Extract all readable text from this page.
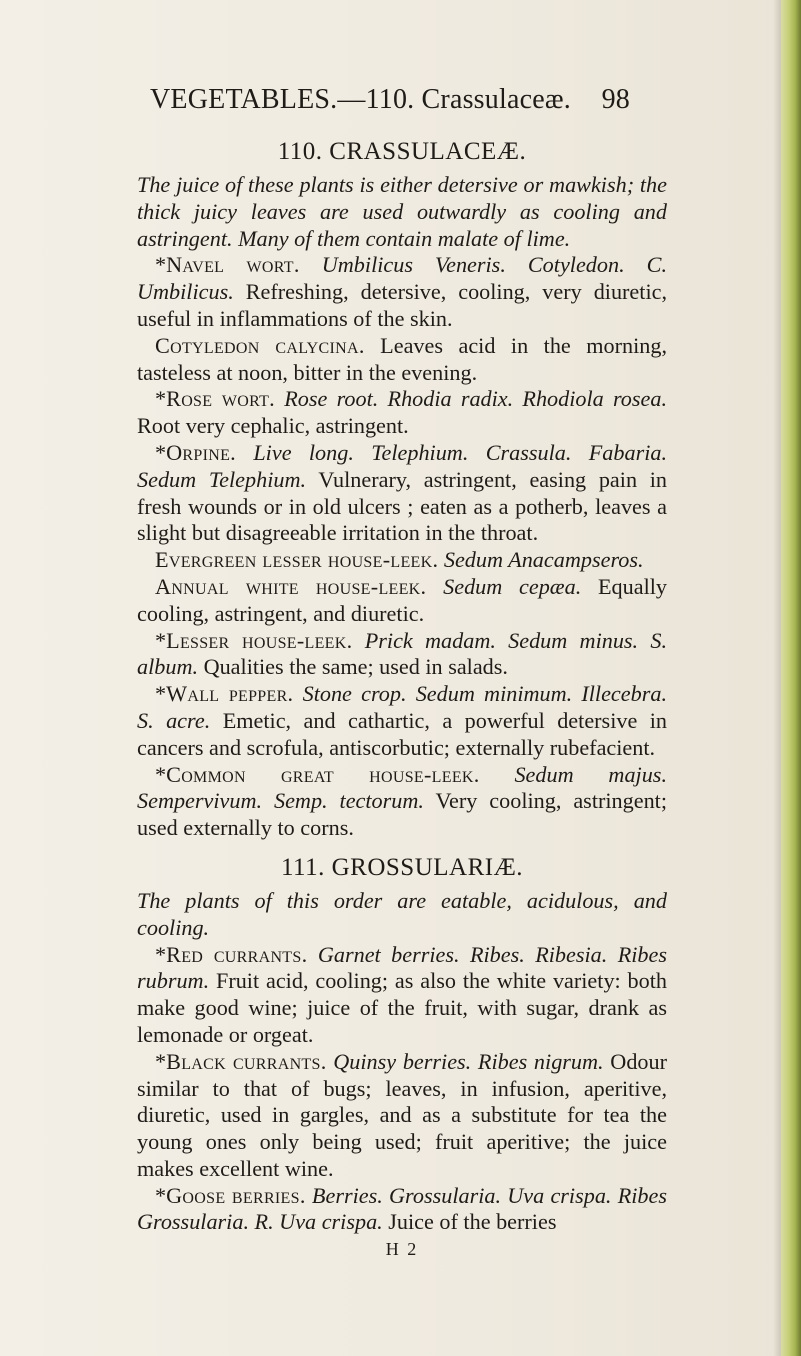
VEGETABLES.—110. Crassulaceæ. 98
110. CRASSULACEÆ.

The juice of these plants is either detersive or mawkish; the thick juicy leaves are used outwardly as cooling and astringent. Many of them contain malate of lime.

*Navel wort. Umbilicus Veneris. Cotyledon. C. Umbilicus. Refreshing, detersive, cooling, very diuretic, useful in inflammations of the skin.

Cotyledon calycina. Leaves acid in the morning, tasteless at noon, bitter in the evening.

*Rose wort. Rose root. Rhodia radix. Rhodiola rosea. Root very cephalic, astringent.

*Orpine. Live long. Telephium. Crassula. Fabaria. Sedum Telephium. Vulnerary, astringent, easing pain in fresh wounds or in old ulcers ; eaten as a potherb, leaves a slight but disagreeable irritation in the throat.

Evergreen lesser house-leek. Sedum Anacampseros.

Annual white house-leek. Sedum cepæa. Equally cooling, astringent, and diuretic.

*Lesser house-leek. Prick madam. Sedum minus. S. album. Qualities the same; used in salads.

*Wall pepper. Stone crop. Sedum minimum. Illecebra. S. acre. Emetic, and cathartic, a powerful detersive in cancers and scrofula, antiscorbutic; externally rubefacient.

*Common great house-leek. Sedum majus. Sempervivum. Semp. tectorum. Very cooling, astringent; used externally to corns.

111. GROSSULARIÆ.

The plants of this order are eatable, acidulous, and cooling.

*Red currants. Garnet berries. Ribes. Ribesia. Ribes rubrum. Fruit acid, cooling; as also the white variety: both make good wine; juice of the fruit, with sugar, drank as lemonade or orgeat.

*Black currants. Quinsy berries. Ribes nigrum. Odour similar to that of bugs; leaves, in infusion, aperitive, diuretic, used in gargles, and as a substitute for tea the young ones only being used; fruit aperitive; the juice makes excellent wine.

*Goose berries. Berries. Grossularia. Uva crispa. Ribes Grossularia. R. Uva crispa. Juice of the berries

H 2
